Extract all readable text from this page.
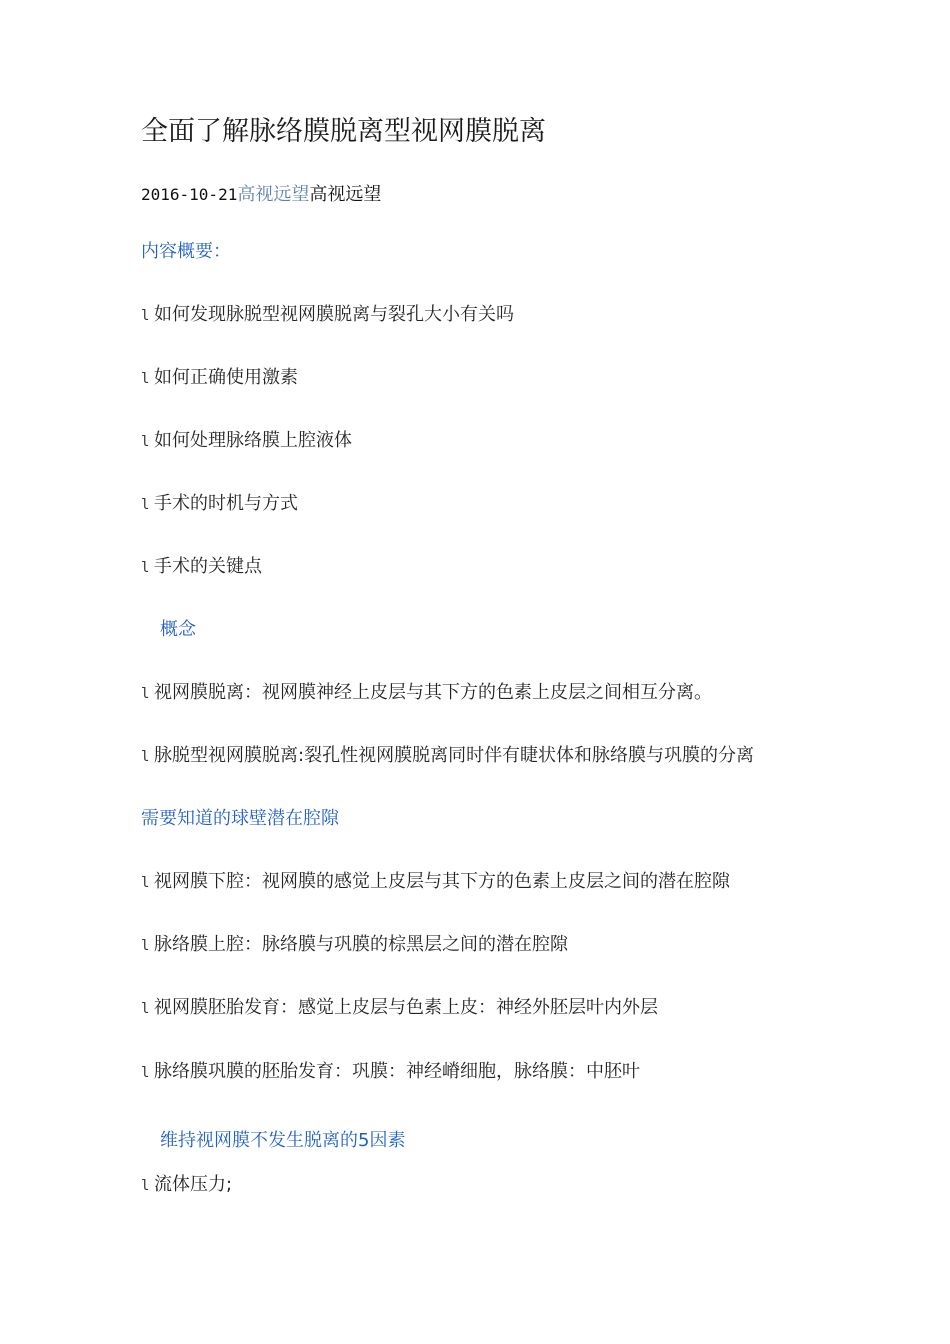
全面了解脉络膜脱离型视网膜脱离
2016-10-21高视远望高视远望
内容概要：
l 如何发现脉脱型视网膜脱离与裂孔大小有关吗
l 如何正确使用激素
l 如何处理脉络膜上腔液体
l 手术的时机与方式
l 手术的关键点
概念
l 视网膜脱离：视网膜神经上皮层与其下方的色素上皮层之间相互分离。
l 脉脱型视网膜脱离:裂孔性视网膜脱离同时伴有睫状体和脉络膜与巩膜的分离
需要知道的球壁潜在腔隙
l 视网膜下腔：视网膜的感觉上皮层与其下方的色素上皮层之间的潜在腔隙
l 脉络膜上腔：脉络膜与巩膜的棕黑层之间的潜在腔隙
l 视网膜胚胎发育：感觉上皮层与色素上皮：神经外胚层叶内外层
l 脉络膜巩膜的胚胎发育：巩膜：神经嵴细胞，脉络膜：中胚叶
维持视网膜不发生脱离的5因素
l 流体压力;
